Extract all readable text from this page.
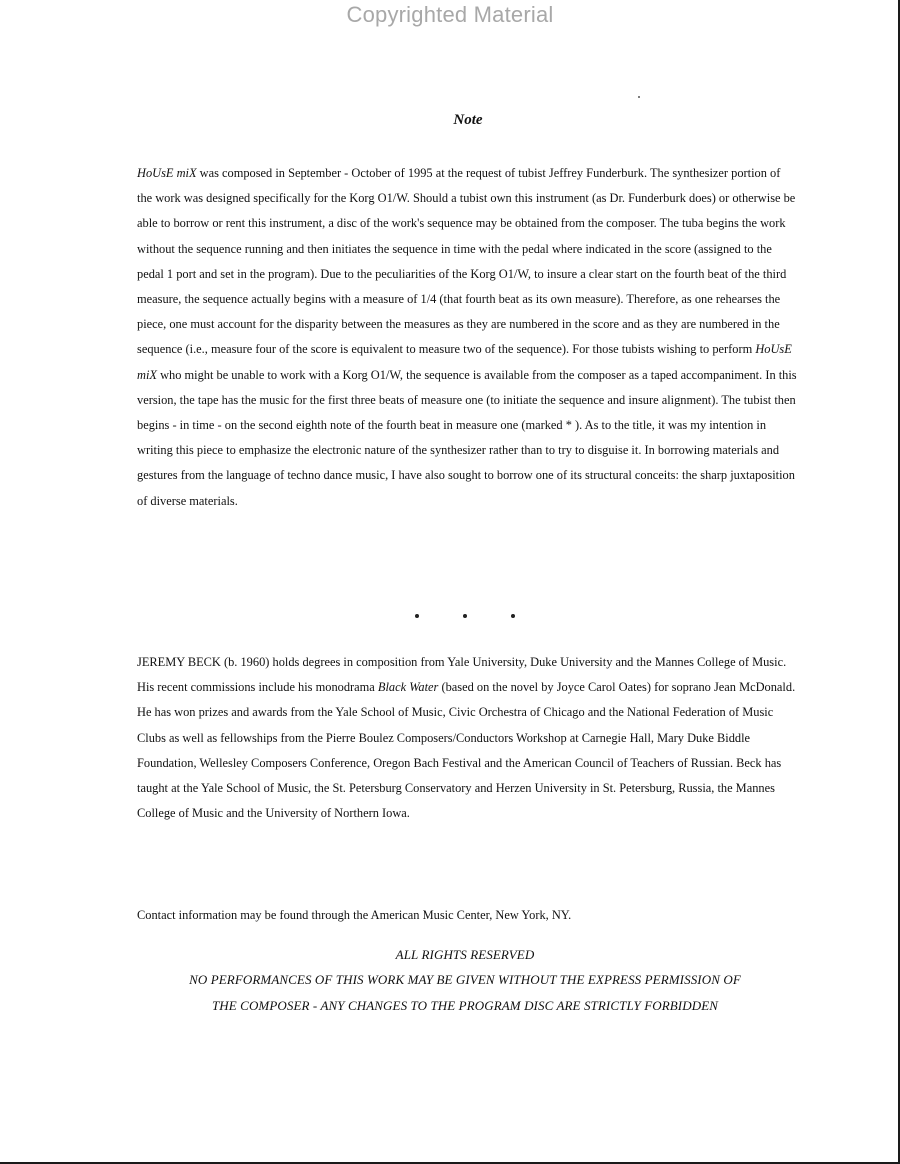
Copyrighted Material
Note

HoUsE miX was composed in September - October of 1995 at the request of tubist Jeffrey Funderburk. The synthesizer portion of the work was designed specifically for the Korg O1/W. Should a tubist own this instrument (as Dr. Funderburk does) or otherwise be able to borrow or rent this instrument, a disc of the work's sequence may be obtained from the composer. The tuba begins the work without the sequence running and then initiates the sequence in time with the pedal where indicated in the score (assigned to the pedal 1 port and set in the program). Due to the peculiarities of the Korg O1/W, to insure a clear start on the fourth beat of the third measure, the sequence actually begins with a measure of 1/4 (that fourth beat as its own measure). Therefore, as one rehearses the piece, one must account for the disparity between the measures as they are numbered in the score and as they are numbered in the sequence (i.e., measure four of the score is equivalent to measure two of the sequence). For those tubists wishing to perform HoUsE miX who might be unable to work with a Korg O1/W, the sequence is available from the composer as a taped accompaniment. In this version, the tape has the music for the first three beats of measure one (to initiate the sequence and insure alignment). The tubist then begins - in time - on the second eighth note of the fourth beat in measure one (marked * ). As to the title, it was my intention in writing this piece to emphasize the electronic nature of the synthesizer rather than to try to disguise it. In borrowing materials and gestures from the language of techno dance music, I have also sought to borrow one of its structural conceits: the sharp juxtaposition of diverse materials.

JEREMY BECK (b. 1960) holds degrees in composition from Yale University, Duke University and the Mannes College of Music. His recent commissions include his monodrama Black Water (based on the novel by Joyce Carol Oates) for soprano Jean McDonald. He has won prizes and awards from the Yale School of Music, Civic Orchestra of Chicago and the National Federation of Music Clubs as well as fellowships from the Pierre Boulez Composers/Conductors Workshop at Carnegie Hall, Mary Duke Biddle Foundation, Wellesley Composers Conference, Oregon Bach Festival and the American Council of Teachers of Russian. Beck has taught at the Yale School of Music, the St. Petersburg Conservatory and Herzen University in St. Petersburg, Russia, the Mannes College of Music and the University of Northern Iowa.

Contact information may be found through the American Music Center, New York, NY.

ALL RIGHTS RESERVED
NO PERFORMANCES OF THIS WORK MAY BE GIVEN WITHOUT THE EXPRESS PERMISSION OF
THE COMPOSER - ANY CHANGES TO THE PROGRAM DISC ARE STRICTLY FORBIDDEN
